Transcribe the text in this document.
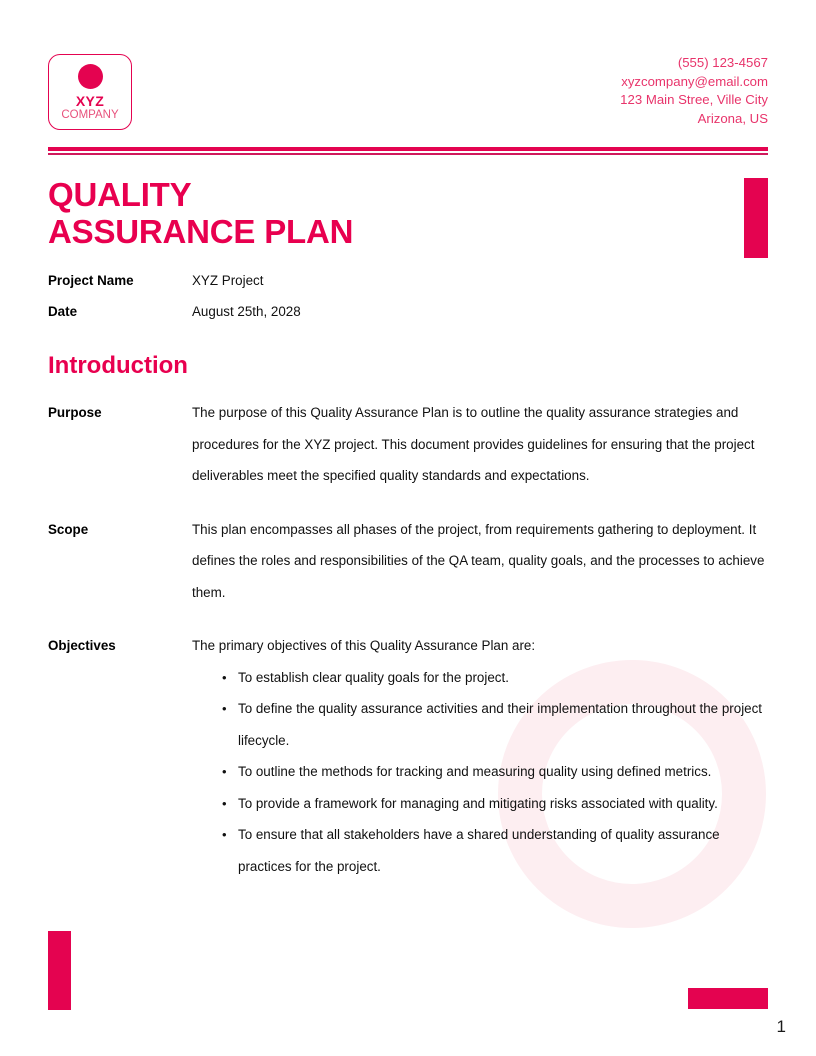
XYZ
COMPANY
(555) 123-4567
xyzcompany@email.com
123 Main Stree, Ville City
Arizona, US
QUALITY
ASSURANCE PLAN
Project Name	XYZ Project
Date	August 25th, 2028
Introduction
Purpose	The purpose of this Quality Assurance Plan is to outline the quality assurance strategies and procedures for the XYZ project. This document provides guidelines for ensuring that the project deliverables meet the specified quality standards and expectations.

Scope	This plan encompasses all phases of the project, from requirements gathering to deployment. It defines the roles and responsibilities of the QA team, quality goals, and the processes to achieve them.

Objectives	The primary objectives of this Quality Assurance Plan are:

• To establish clear quality goals for the project.
• To define the quality assurance activities and their implementation throughout the project lifecycle.
• To outline the methods for tracking and measuring quality using defined metrics.
• To provide a framework for managing and mitigating risks associated with quality.
• To ensure that all stakeholders have a shared understanding of quality assurance practices for the project.
1
